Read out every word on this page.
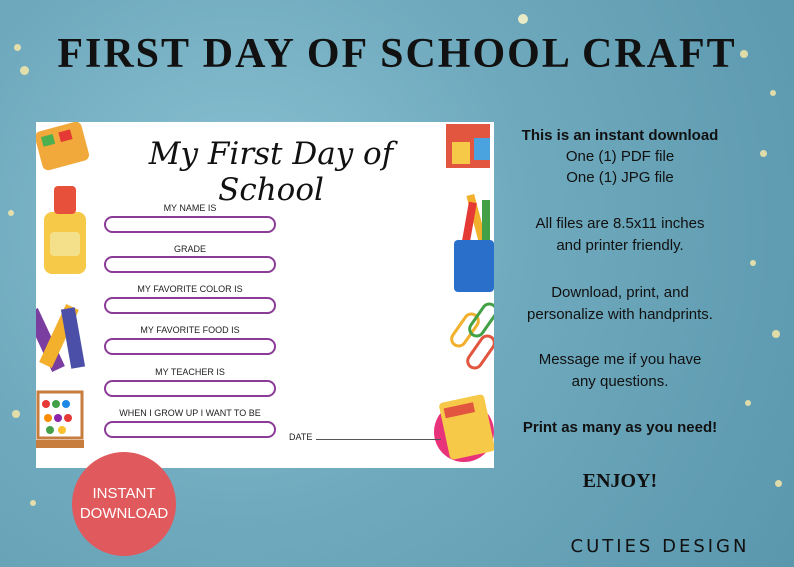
FIRST DAY OF SCHOOL CRAFT
My First Day of School
MY NAME IS
GRADE
MY FAVORITE COLOR IS
MY FAVORITE FOOD IS
MY TEACHER IS
WHEN I GROW UP I WANT TO BE
DATE
This is an instant download
One (1) PDF file
One (1) JPG file
All files are 8.5x11 inches
and printer friendly.
Download, print, and
personalize with handprints.
Message me if you have
any questions.
Print as many as you need!
ENJOY!
INSTANT
DOWNLOAD
CUTIES DESIGN
